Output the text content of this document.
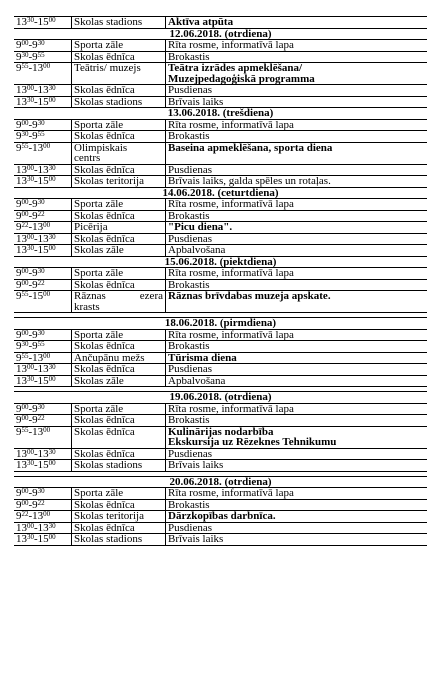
$13^{30}-15^{00}$	Skolas stadions	Aktīva atpūta

12.06.2018. (otrdiena)		
$9^{00}-9^{30}$	Sporta zāle	Rīta rosme, informatīvā lapa

$9^{30}-9^{55}$	Skolas ēdnīca	Brokastis

$9^{55}-13^{00}$	Teātris/ muzejs	Teātra izrādes apmeklēšana/
Muzejpedagoģiskā programma

$13^{00}-13^{30}$	Skolas ēdnīca	Pusdienas

$13^{30}-15^{00}$	Skolas stadions	Brīvais laiks

13.06.2018. (trešdiena)		
$9^{00}-9^{30}$	Sporta zāle	Rīta rosme, informatīvā lapa

$9^{30}-9^{55}$	Skolas ēdnīca	Brokastis

$9^{55}-13^{00}$	Olimpiskais
centrs	Baseina apmeklēšana, sporta diena

$13^{00}-13^{30}$	Skolas ēdnīca	Pusdienas

$13^{30}-15^{00}$	Skolas teritorija	Brīvais laiks, galda spēles un rotaļas.

14.06.2018. (ceturtdiena)		
$9^{00}-9^{30}$	Sporta zāle	Rīta rosme, informatīvā lapa

$9^{00}-9^{22}$	Skolas ēdnīca	Brokastis

$9^{22}-13^{00}$	Picērija	"Picu diena".

$13^{00}-13^{30}$	Skolas ēdnīca	Pusdienas

$13^{30}-15^{00}$	Skolas zāle	Apbalvošana

15.06.2018. (piektdiena)		
$9^{00}-9^{30}$	Sporta zāle	Rīta rosme, informatīvā lapa

$9^{00}-9^{22}$	Skolas ēdnīca	Brokastis

$9^{55}-15^{00}$	Rāznas ezera
krasts	Rāznas brīvdabas muzeja apskate.

18.06.2018. (pirmdiena)		
$9^{00}-9^{30}$	Sporta zāle	Rīta rosme, informatīvā lapa

$9^{30}-9^{55}$	Skolas ēdnīca	Brokastis

$9^{55}-13^{00}$	Ančupānu mežs	Tūrisma diena

$13^{00}-13^{30}$	Skolas ēdnīca	Pusdienas

$13^{30}-15^{00}$	Skolas zāle	Apbalvošana

19.06.2018. (otrdiena)		
$9^{00}-9^{30}$	Sporta zāle	Rīta rosme, informatīvā lapa

$9^{00}-9^{22}$	Skolas ēdnīca	Brokastis

$9^{55}-13^{00}$	Skolas ēdnīca	Kulinārijas nodarbība
Ekskursija uz Rēzeknes Tehnikumu

$13^{00}-13^{30}$	Skolas ēdnīca	Pusdienas

$13^{30}-15^{00}$	Skolas stadions	Brīvais laiks

20.06.2018. (otrdiena)		
$9^{00}-9^{30}$	Sporta zāle	Rīta rosme, informatīvā lapa

$9^{00}-9^{22}$	Skolas ēdnīca	Brokastis

$9^{22}-13^{00}$	Skolas teritorija	Dārzkopības darbnīca.

$13^{00}-13^{30}$	Skolas ēdnīca	Pusdienas

$13^{30}-15^{00}$	Skolas stadions	Brīvais laiks
